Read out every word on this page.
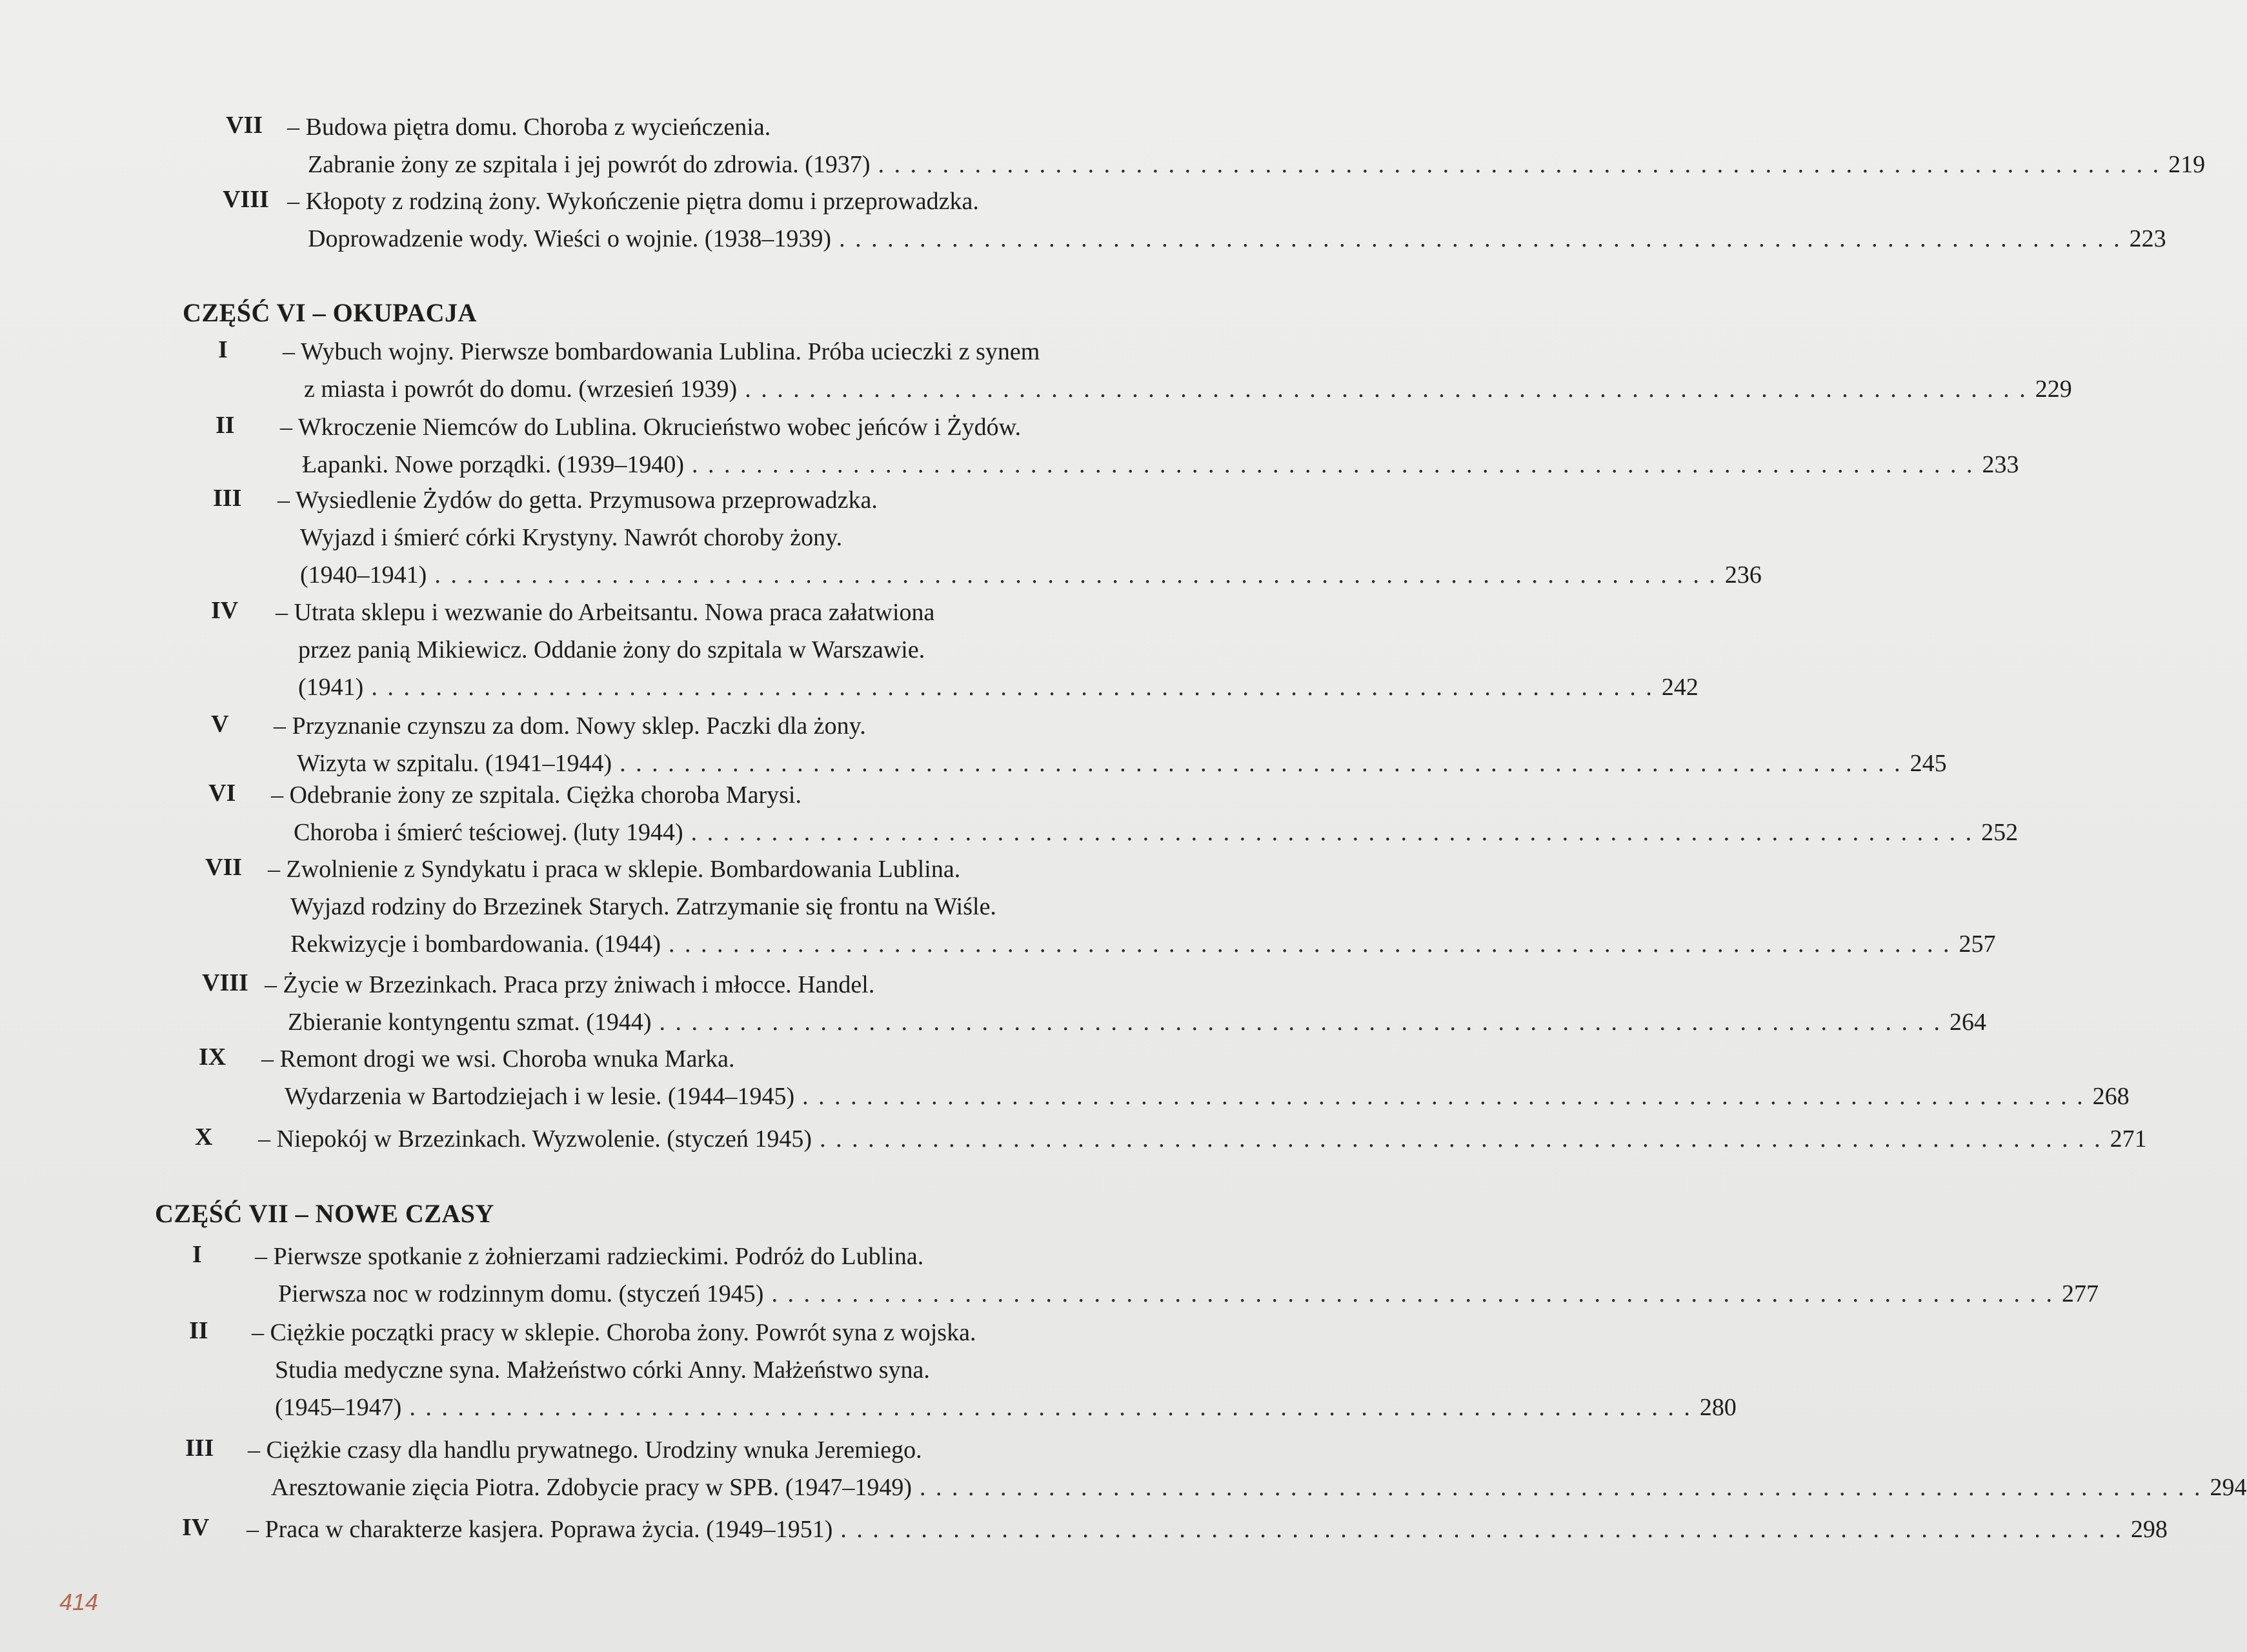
VII – Budowa piętra domu. Choroba z wycieńczenia.
Zabranie żony ze szpitala i jej powrót do zdrowia. (1937) . . . . . . . . . . . . . . . . . . . . . . . . . . . . . . . . . . . . . . . . . . . . . . . . . . . . . . . . . . . . . . . . . . . . . . . . . . . . . . . . 219
VIII – Kłopoty z rodziną żony. Wykończenie piętra domu i przeprowadzka.
Doprowadzenie wody. Wieści o wojnie. (1938–1939) . . . . . . . . . . . . . . . . . . . . . . . . . . . . . . . . . . . . . . . . . . . . . . . . . . . . . . . . . . . . . . . . . . . . . . . . . . . . . . . . 223
CZĘŚĆ VI – OKUPACJA
I – Wybuch wojny. Pierwsze bombardowania Lublina. Próba ucieczki z synem
z miasta i powrót do domu. (wrzesień 1939) . . . . . . . . . . . . . . . . . . . . . . . . . . . . . . . . . . . . . . . . . . . . . . . . . . . . . . . . . . . . . . . . . . . . . . . . . . . . . . . . 229
II – Wkroczenie Niemców do Lublina. Okrucieństwo wobec jeńców i Żydów.
Łapanki. Nowe porządki. (1939–1940) . . . . . . . . . . . . . . . . . . . . . . . . . . . . . . . . . . . . . . . . . . . . . . . . . . . . . . . . . . . . . . . . . . . . . . . . . . . . . . . . 233
III – Wysiedlenie Żydów do getta. Przymusowa przeprowadzka.
Wyjazd i śmierć córki Krystyny. Nawrót choroby żony.
(1940–1941) . . . . . . . . . . . . . . . . . . . . . . . . . . . . . . . . . . . . . . . . . . . . . . . . . . . . . . . . . . . . . . . . . . . . . . . . . . . . . . . . 236
IV – Utrata sklepu i wezwanie do Arbeitsantu. Nowa praca załatwiona
przez panią Mikiewicz. Oddanie żony do szpitala w Warszawie.
(1941) . . . . . . . . . . . . . . . . . . . . . . . . . . . . . . . . . . . . . . . . . . . . . . . . . . . . . . . . . . . . . . . . . . . . . . . . . . . . . . . . 242
V – Przyznanie czynszu za dom. Nowy sklep. Paczki dla żony.
Wizyta w szpitalu. (1941–1944) . . . . . . . . . . . . . . . . . . . . . . . . . . . . . . . . . . . . . . . . . . . . . . . . . . . . . . . . . . . . . . . . . . . . . . . . . . . . . . . . 245
VI – Odebranie żony ze szpitala. Ciężka choroba Marysi.
Choroba i śmierć teściowej. (luty 1944) . . . . . . . . . . . . . . . . . . . . . . . . . . . . . . . . . . . . . . . . . . . . . . . . . . . . . . . . . . . . . . . . . . . . . . . . . . . . . . . . 252
VII – Zwolnienie z Syndykatu i praca w sklepie. Bombardowania Lublina.
Wyjazd rodziny do Brzezinek Starych. Zatrzymanie się frontu na Wiśle.
Rekwizycje i bombardowania. (1944) . . . . . . . . . . . . . . . . . . . . . . . . . . . . . . . . . . . . . . . . . . . . . . . . . . . . . . . . . . . . . . . . . . . . . . . . . . . . . . . . 257
VIII – Życie w Brzezinkach. Praca przy żniwach i młocce. Handel.
Zbieranie kontyngentu szmat. (1944) . . . . . . . . . . . . . . . . . . . . . . . . . . . . . . . . . . . . . . . . . . . . . . . . . . . . . . . . . . . . . . . . . . . . . . . . . . . . . . . . 264
IX – Remont drogi we wsi. Choroba wnuka Marka.
Wydarzenia w Bartodziejach i w lesie. (1944–1945) . . . . . . . . . . . . . . . . . . . . . . . . . . . . . . . . . . . . . . . . . . . . . . . . . . . . . . . . . . . . . . . . . . . . . . . . . . . . . . . . 268
X – Niepokój w Brzezinkach. Wyzwolenie. (styczeń 1945) . . . . . . . . . . . . . . . . . . . . . . . . . . . . . . . . . . . . . . . . . . . . . . . . . . . . . . . . . . . . . . . . . . . . . . . . . . . . . . . . 271
CZĘŚĆ VII – NOWE CZASY
I – Pierwsze spotkanie z żołnierzami radzieckimi. Podróż do Lublina.
Pierwsza noc w rodzinnym domu. (styczeń 1945) . . . . . . . . . . . . . . . . . . . . . . . . . . . . . . . . . . . . . . . . . . . . . . . . . . . . . . . . . . . . . . . . . . . . . . . . . . . . . . . . 277
II – Ciężkie początki pracy w sklepie. Choroba żony. Powrót syna z wojska.
Studia medyczne syna. Małżeństwo córki Anny. Małżeństwo syna.
(1945–1947) . . . . . . . . . . . . . . . . . . . . . . . . . . . . . . . . . . . . . . . . . . . . . . . . . . . . . . . . . . . . . . . . . . . . . . . . . . . . . . . . 280
III – Ciężkie czasy dla handlu prywatnego. Urodziny wnuka Jeremiego.
Aresztowanie zięcia Piotra. Zdobycie pracy w SPB. (1947–1949) . . . . . . . . . . . . . . . . . . . . . . . . . . . . . . . . . . . . . . . . . . . . . . . . . . . . . . . . . . . . . . . . . . . . . . . . . . . . . . . . 294
IV – Praca w charakterze kasjera. Poprawa życia. (1949–1951) . . . . . . . . . . . . . . . . . . . . . . . . . . . . . . . . . . . . . . . . . . . . . . . . . . . . . . . . . . . . . . . . . . . . . . . . . . . . . . . . 298
414
